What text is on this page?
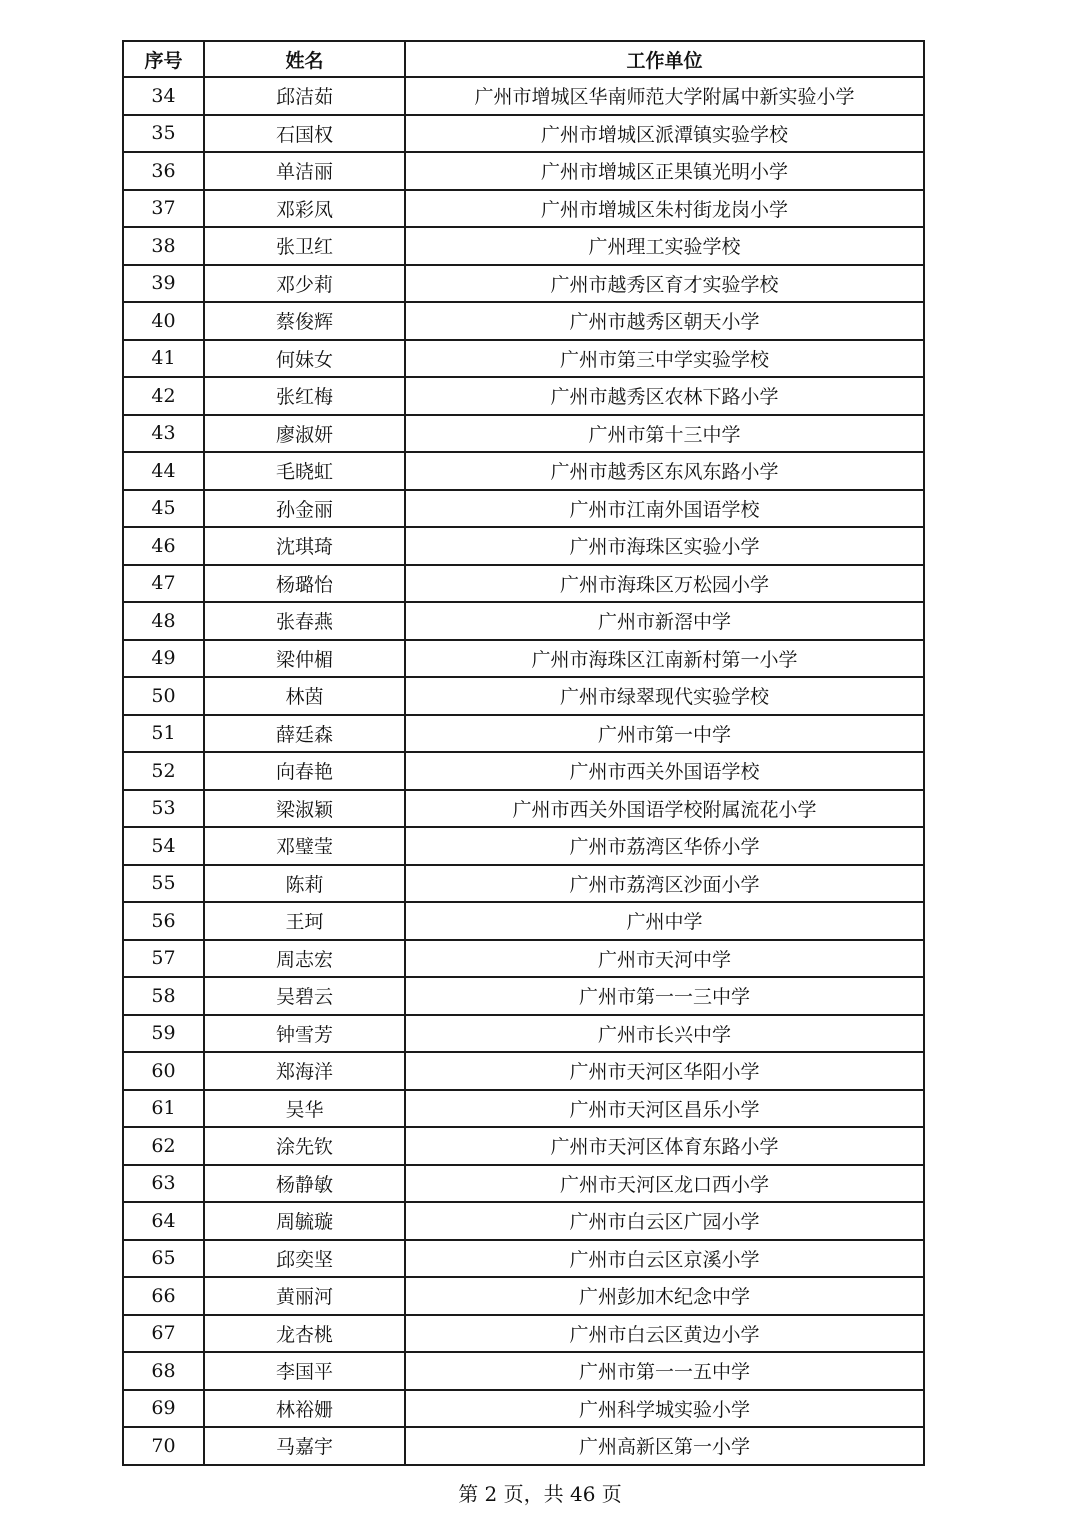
序号	姓名	工作单位
34	邱洁茹	广州市增城区华南师范大学附属中新实验小学
35	石国权	广州市增城区派潭镇实验学校
36	单洁丽	广州市增城区正果镇光明小学
37	邓彩凤	广州市增城区朱村街龙岗小学
38	张卫红	广州理工实验学校
39	邓少莉	广州市越秀区育才实验学校
40	蔡俊辉	广州市越秀区朝天小学
41	何妹女	广州市第三中学实验学校
42	张红梅	广州市越秀区农林下路小学
43	廖淑妍	广州市第十三中学
44	毛晓虹	广州市越秀区东风东路小学
45	孙金丽	广州市江南外国语学校
46	沈琪琦	广州市海珠区实验小学
47	杨璐怡	广州市海珠区万松园小学
48	张春燕	广州市新滘中学
49	梁仲楣	广州市海珠区江南新村第一小学
50	林茵	广州市绿翠现代实验学校
51	薛廷森	广州市第一中学
52	向春艳	广州市西关外国语学校
53	梁淑颖	广州市西关外国语学校附属流花小学
54	邓璧莹	广州市荔湾区华侨小学
55	陈莉	广州市荔湾区沙面小学
56	王珂	广州中学
57	周志宏	广州市天河中学
58	吴碧云	广州市第一一三中学
59	钟雪芳	广州市长兴中学
60	郑海洋	广州市天河区华阳小学
61	吴华	广州市天河区昌乐小学
62	涂先钦	广州市天河区体育东路小学
63	杨静敏	广州市天河区龙口西小学
64	周毓璇	广州市白云区广园小学
65	邱奕坚	广州市白云区京溪小学
66	黄丽河	广州彭加木纪念中学
67	龙杏桃	广州市白云区黄边小学
68	李国平	广州市第一一五中学
69	林裕姗	广州科学城实验小学
70	马嘉宇	广州高新区第一小学
第 2 页，共 46 页
